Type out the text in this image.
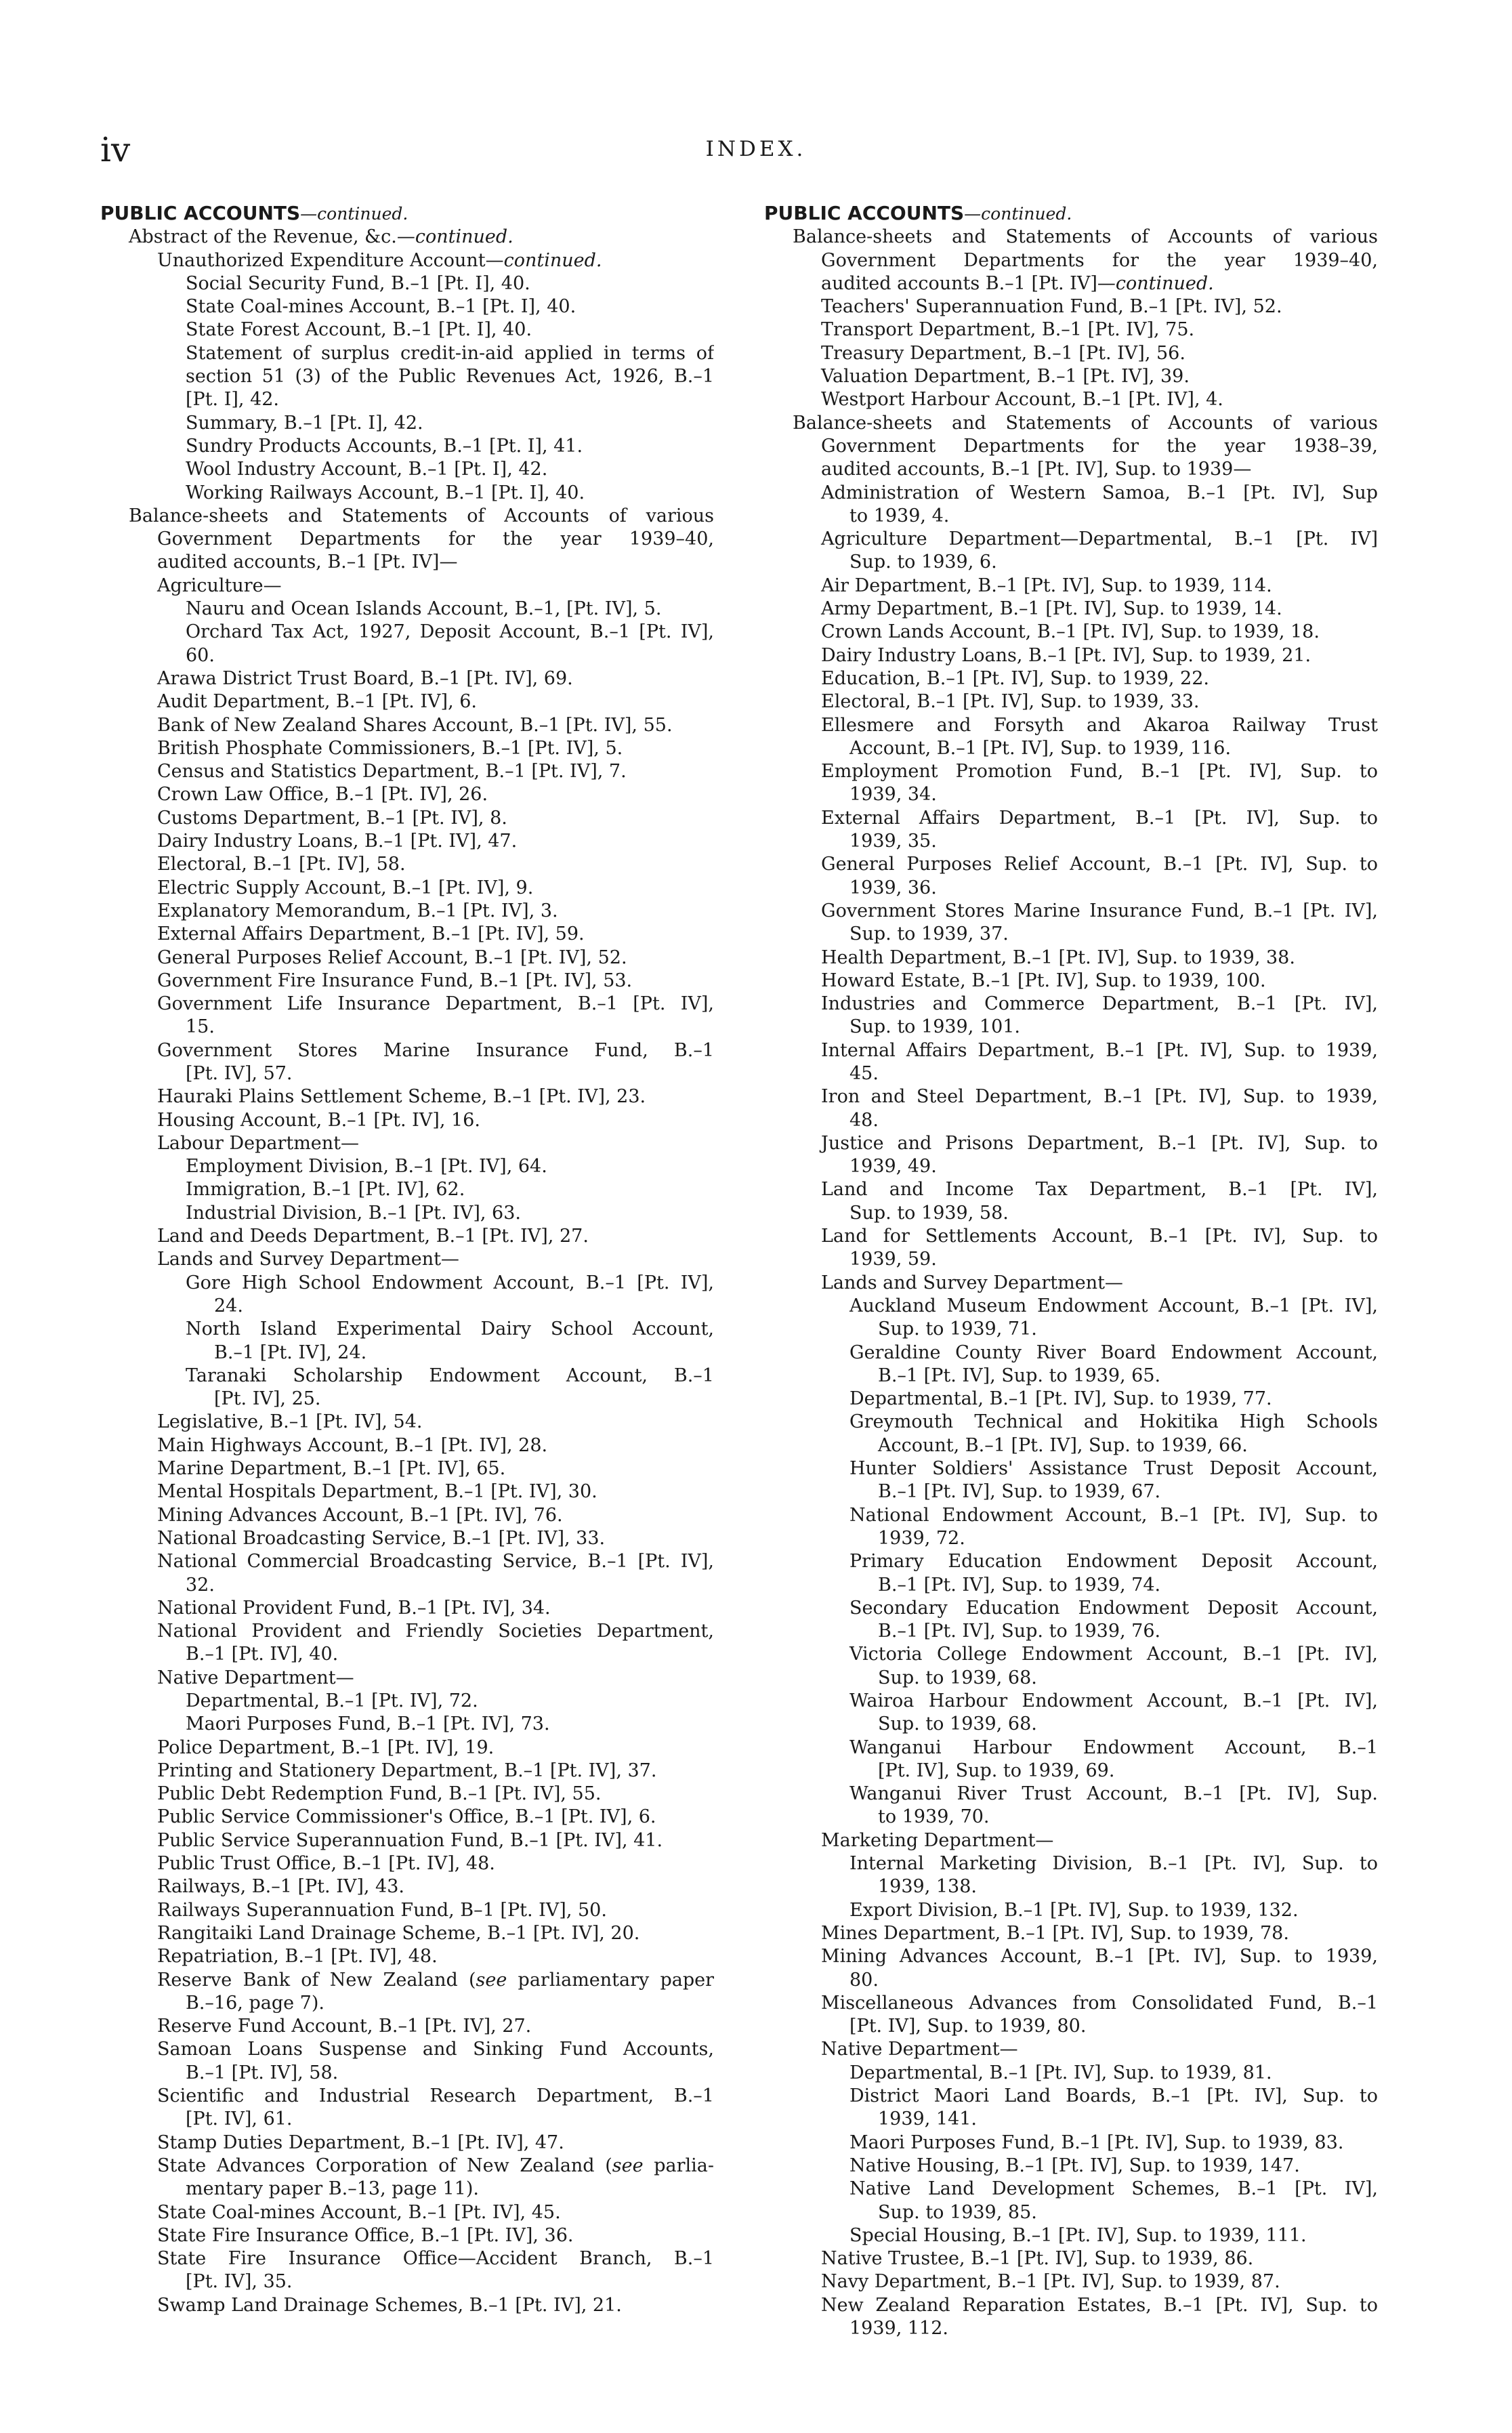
iv	INDEX.
PUBLIC ACCOUNTS—continued.
Abstract of the Revenue, &c.—continued.
Unauthorized Expenditure Account—continued.
Social Security Fund, B.–1 [Pt. I], 40.
State Coal-mines Account, B.–1 [Pt. I], 40.
State Forest Account, B.–1 [Pt. I], 40.
Statement of surplus credit-in-aid applied in terms of
section 51 (3) of the Public Revenues Act, 1926, B.–1
[Pt. I], 42.
Summary, B.–1 [Pt. I], 42.
Sundry Products Accounts, B.–1 [Pt. I], 41.
Wool Industry Account, B.–1 [Pt. I], 42.
Working Railways Account, B.–1 [Pt. I], 40.
Balance-sheets and Statements of Accounts of various
Government Departments for the year 1939–40,
audited accounts, B.–1 [Pt. IV]—
Agriculture—
Nauru and Ocean Islands Account, B.–1, [Pt. IV], 5.
Orchard Tax Act, 1927, Deposit Account, B.–1 [Pt. IV],
60.
Arawa District Trust Board, B.–1 [Pt. IV], 69.
Audit Department, B.–1 [Pt. IV], 6.
Bank of New Zealand Shares Account, B.–1 [Pt. IV], 55.
British Phosphate Commissioners, B.–1 [Pt. IV], 5.
Census and Statistics Department, B.–1 [Pt. IV], 7.
Crown Law Office, B.–1 [Pt. IV], 26.
Customs Department, B.–1 [Pt. IV], 8.
Dairy Industry Loans, B.–1 [Pt. IV], 47.
Electoral, B.–1 [Pt. IV], 58.
Electric Supply Account, B.–1 [Pt. IV], 9.
Explanatory Memorandum, B.–1 [Pt. IV], 3.
External Affairs Department, B.–1 [Pt. IV], 59.
General Purposes Relief Account, B.–1 [Pt. IV], 52.
Government Fire Insurance Fund, B.–1 [Pt. IV], 53.
Government Life Insurance Department, B.–1 [Pt. IV],
15.
Government Stores Marine Insurance Fund, B.–1
[Pt. IV], 57.
Hauraki Plains Settlement Scheme, B.–1 [Pt. IV], 23.
Housing Account, B.–1 [Pt. IV], 16.
Labour Department—
Employment Division, B.–1 [Pt. IV], 64.
Immigration, B.–1 [Pt. IV], 62.
Industrial Division, B.–1 [Pt. IV], 63.
Land and Deeds Department, B.–1 [Pt. IV], 27.
Lands and Survey Department—
Gore High School Endowment Account, B.–1 [Pt. IV],
24.
North Island Experimental Dairy School Account,
B.–1 [Pt. IV], 24.
Taranaki Scholarship Endowment Account, B.–1
[Pt. IV], 25.
Legislative, B.–1 [Pt. IV], 54.
Main Highways Account, B.–1 [Pt. IV], 28.
Marine Department, B.–1 [Pt. IV], 65.
Mental Hospitals Department, B.–1 [Pt. IV], 30.
Mining Advances Account, B.–1 [Pt. IV], 76.
National Broadcasting Service, B.–1 [Pt. IV], 33.
National Commercial Broadcasting Service, B.–1 [Pt. IV],
32.
National Provident Fund, B.–1 [Pt. IV], 34.
National Provident and Friendly Societies Department,
B.–1 [Pt. IV], 40.
Native Department—
Departmental, B.–1 [Pt. IV], 72.
Maori Purposes Fund, B.–1 [Pt. IV], 73.
Police Department, B.–1 [Pt. IV], 19.
Printing and Stationery Department, B.–1 [Pt. IV], 37.
Public Debt Redemption Fund, B.–1 [Pt. IV], 55.
Public Service Commissioner's Office, B.–1 [Pt. IV], 6.
Public Service Superannuation Fund, B.–1 [Pt. IV], 41.
Public Trust Office, B.–1 [Pt. IV], 48.
Railways, B.–1 [Pt. IV], 43.
Railways Superannuation Fund, B–1 [Pt. IV], 50.
Rangitaiki Land Drainage Scheme, B.–1 [Pt. IV], 20.
Repatriation, B.–1 [Pt. IV], 48.
Reserve Bank of New Zealand (see parliamentary paper
B.–16, page 7).
Reserve Fund Account, B.–1 [Pt. IV], 27.
Samoan Loans Suspense and Sinking Fund Accounts,
B.–1 [Pt. IV], 58.
Scientific and Industrial Research Department, B.–1
[Pt. IV], 61.
Stamp Duties Department, B.–1 [Pt. IV], 47.
State Advances Corporation of New Zealand (see parlia-
mentary paper B.–13, page 11).
State Coal-mines Account, B.–1 [Pt. IV], 45.
State Fire Insurance Office, B.–1 [Pt. IV], 36.
State Fire Insurance Office—Accident Branch, B.–1
[Pt. IV], 35.
Swamp Land Drainage Schemes, B.–1 [Pt. IV], 21.
PUBLIC ACCOUNTS—continued.
Balance-sheets and Statements of Accounts of various
Government Departments for the year 1939–40,
audited accounts B.–1 [Pt. IV]—continued.
Teachers' Superannuation Fund, B.–1 [Pt. IV], 52.
Transport Department, B.–1 [Pt. IV], 75.
Treasury Department, B.–1 [Pt. IV], 56.
Valuation Department, B.–1 [Pt. IV], 39.
Westport Harbour Account, B.–1 [Pt. IV], 4.
Balance-sheets and Statements of Accounts of various
Government Departments for the year 1938–39,
audited accounts, B.–1 [Pt. IV], Sup. to 1939—
Administration of Western Samoa, B.–1 [Pt. IV], Sup
to 1939, 4.
Agriculture Department—Departmental, B.–1 [Pt. IV]
Sup. to 1939, 6.
Air Department, B.–1 [Pt. IV], Sup. to 1939, 114.
Army Department, B.–1 [Pt. IV], Sup. to 1939, 14.
Crown Lands Account, B.–1 [Pt. IV], Sup. to 1939, 18.
Dairy Industry Loans, B.–1 [Pt. IV], Sup. to 1939, 21.
Education, B.–1 [Pt. IV], Sup. to 1939, 22.
Electoral, B.–1 [Pt. IV], Sup. to 1939, 33.
Ellesmere and Forsyth and Akaroa Railway Trust
Account, B.–1 [Pt. IV], Sup. to 1939, 116.
Employment Promotion Fund, B.–1 [Pt. IV], Sup. to
1939, 34.
External Affairs Department, B.–1 [Pt. IV], Sup. to
1939, 35.
General Purposes Relief Account, B.–1 [Pt. IV], Sup. to
1939, 36.
Government Stores Marine Insurance Fund, B.–1 [Pt. IV],
Sup. to 1939, 37.
Health Department, B.–1 [Pt. IV], Sup. to 1939, 38.
Howard Estate, B.–1 [Pt. IV], Sup. to 1939, 100.
Industries and Commerce Department, B.–1 [Pt. IV],
Sup. to 1939, 101.
Internal Affairs Department, B.–1 [Pt. IV], Sup. to 1939,
45.
Iron and Steel Department, B.–1 [Pt. IV], Sup. to 1939,
48.
Justice and Prisons Department, B.–1 [Pt. IV], Sup. to
1939, 49.
Land and Income Tax Department, B.–1 [Pt. IV],
Sup. to 1939, 58.
Land for Settlements Account, B.–1 [Pt. IV], Sup. to
1939, 59.
Lands and Survey Department—
Auckland Museum Endowment Account, B.–1 [Pt. IV],
Sup. to 1939, 71.
Geraldine County River Board Endowment Account,
B.–1 [Pt. IV], Sup. to 1939, 65.
Departmental, B.–1 [Pt. IV], Sup. to 1939, 77.
Greymouth Technical and Hokitika High Schools
Account, B.–1 [Pt. IV], Sup. to 1939, 66.
Hunter Soldiers' Assistance Trust Deposit Account,
B.–1 [Pt. IV], Sup. to 1939, 67.
National Endowment Account, B.–1 [Pt. IV], Sup. to
1939, 72.
Primary Education Endowment Deposit Account,
B.–1 [Pt. IV], Sup. to 1939, 74.
Secondary Education Endowment Deposit Account,
B.–1 [Pt. IV], Sup. to 1939, 76.
Victoria College Endowment Account, B.–1 [Pt. IV],
Sup. to 1939, 68.
Wairoa Harbour Endowment Account, B.–1 [Pt. IV],
Sup. to 1939, 68.
Wanganui Harbour Endowment Account, B.–1
[Pt. IV], Sup. to 1939, 69.
Wanganui River Trust Account, B.–1 [Pt. IV], Sup.
to 1939, 70.
Marketing Department—
Internal Marketing Division, B.–1 [Pt. IV], Sup. to
1939, 138.
Export Division, B.–1 [Pt. IV], Sup. to 1939, 132.
Mines Department, B.–1 [Pt. IV], Sup. to 1939, 78.
Mining Advances Account, B.–1 [Pt. IV], Sup. to 1939,
80.
Miscellaneous Advances from Consolidated Fund, B.–1
[Pt. IV], Sup. to 1939, 80.
Native Department—
Departmental, B.–1 [Pt. IV], Sup. to 1939, 81.
District Maori Land Boards, B.–1 [Pt. IV], Sup. to
1939, 141.
Maori Purposes Fund, B.–1 [Pt. IV], Sup. to 1939, 83.
Native Housing, B.–1 [Pt. IV], Sup. to 1939, 147.
Native Land Development Schemes, B.–1 [Pt. IV],
Sup. to 1939, 85.
Special Housing, B.–1 [Pt. IV], Sup. to 1939, 111.
Native Trustee, B.–1 [Pt. IV], Sup. to 1939, 86.
Navy Department, B.–1 [Pt. IV], Sup. to 1939, 87.
New Zealand Reparation Estates, B.–1 [Pt. IV], Sup. to
1939, 112.
